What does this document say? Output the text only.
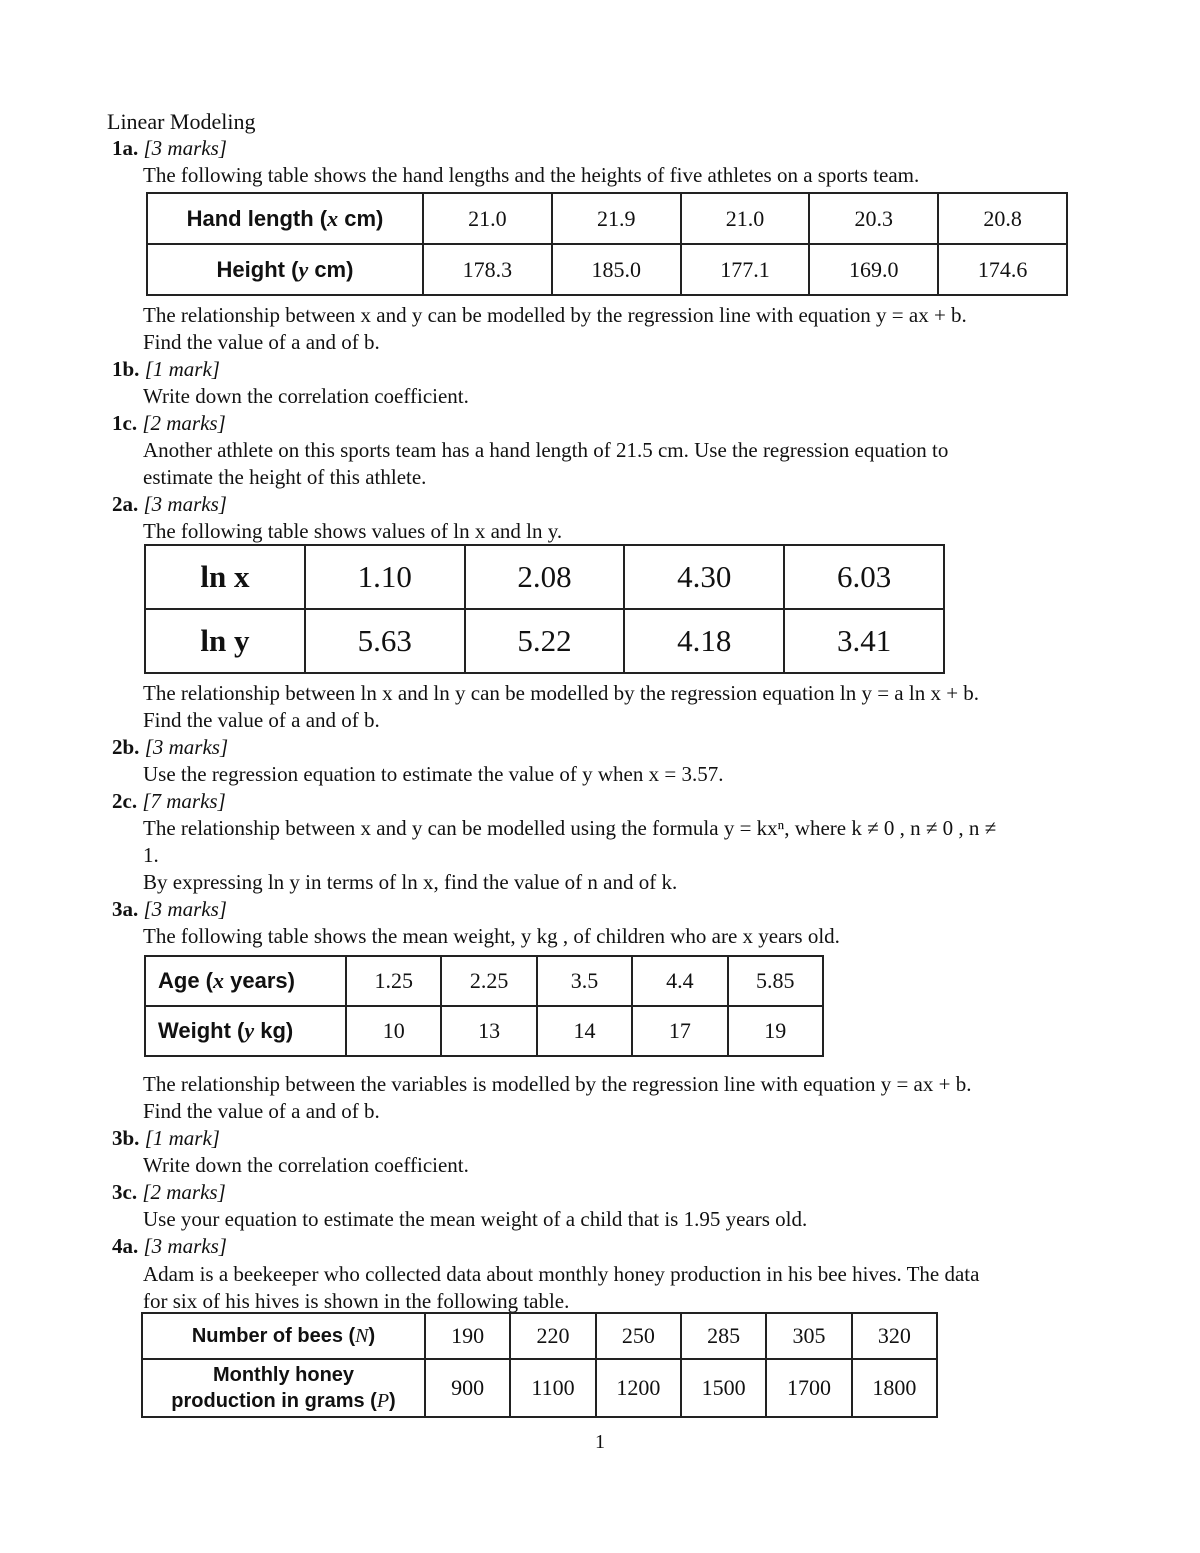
Linear Modeling
1a. [3 marks]
The following table shows the hand lengths and the heights of five athletes on a sports team.
Hand length (x cm)	21.0	21.9	21.0	20.3	20.8
Height (y cm)	178.3	185.0	177.1	169.0	174.6
The relationship between x and y can be modelled by the regression line with equation y = ax + b.
Find the value of a and of b.
1b. [1 mark]
Write down the correlation coefficient.
1c. [2 marks]
Another athlete on this sports team has a hand length of 21.5 cm. Use the regression equation to
estimate the height of this athlete.
2a. [3 marks]
The following table shows values of ln x and ln y.
ln x	1.10	2.08	4.30	6.03
ln y	5.63	5.22	4.18	3.41
The relationship between ln x and ln y can be modelled by the regression equation ln y = a ln x + b.
Find the value of a and of b.
2b. [3 marks]
Use the regression equation to estimate the value of y when x = 3.57.
2c. [7 marks]
The relationship between x and y can be modelled using the formula y = kxⁿ, where k ≠ 0 , n ≠ 0 , n ≠
1.
By expressing ln y in terms of ln x, find the value of n and of k.
3a. [3 marks]
The following table shows the mean weight, y kg , of children who are x years old.
Age (x years)	1.25	2.25	3.5	4.4	5.85
Weight (y kg)	10	13	14	17	19
The relationship between the variables is modelled by the regression line with equation y = ax + b.
Find the value of a and of b.
3b. [1 mark]
Write down the correlation coefficient.
3c. [2 marks]
Use your equation to estimate the mean weight of a child that is 1.95 years old.
4a. [3 marks]
Adam is a beekeeper who collected data about monthly honey production in his bee hives. The data
for six of his hives is shown in the following table.
Number of bees (N)	190	220	250	285	305	320
Monthly honey
production in grams (P)	900	1100	1200	1500	1700	1800
1
